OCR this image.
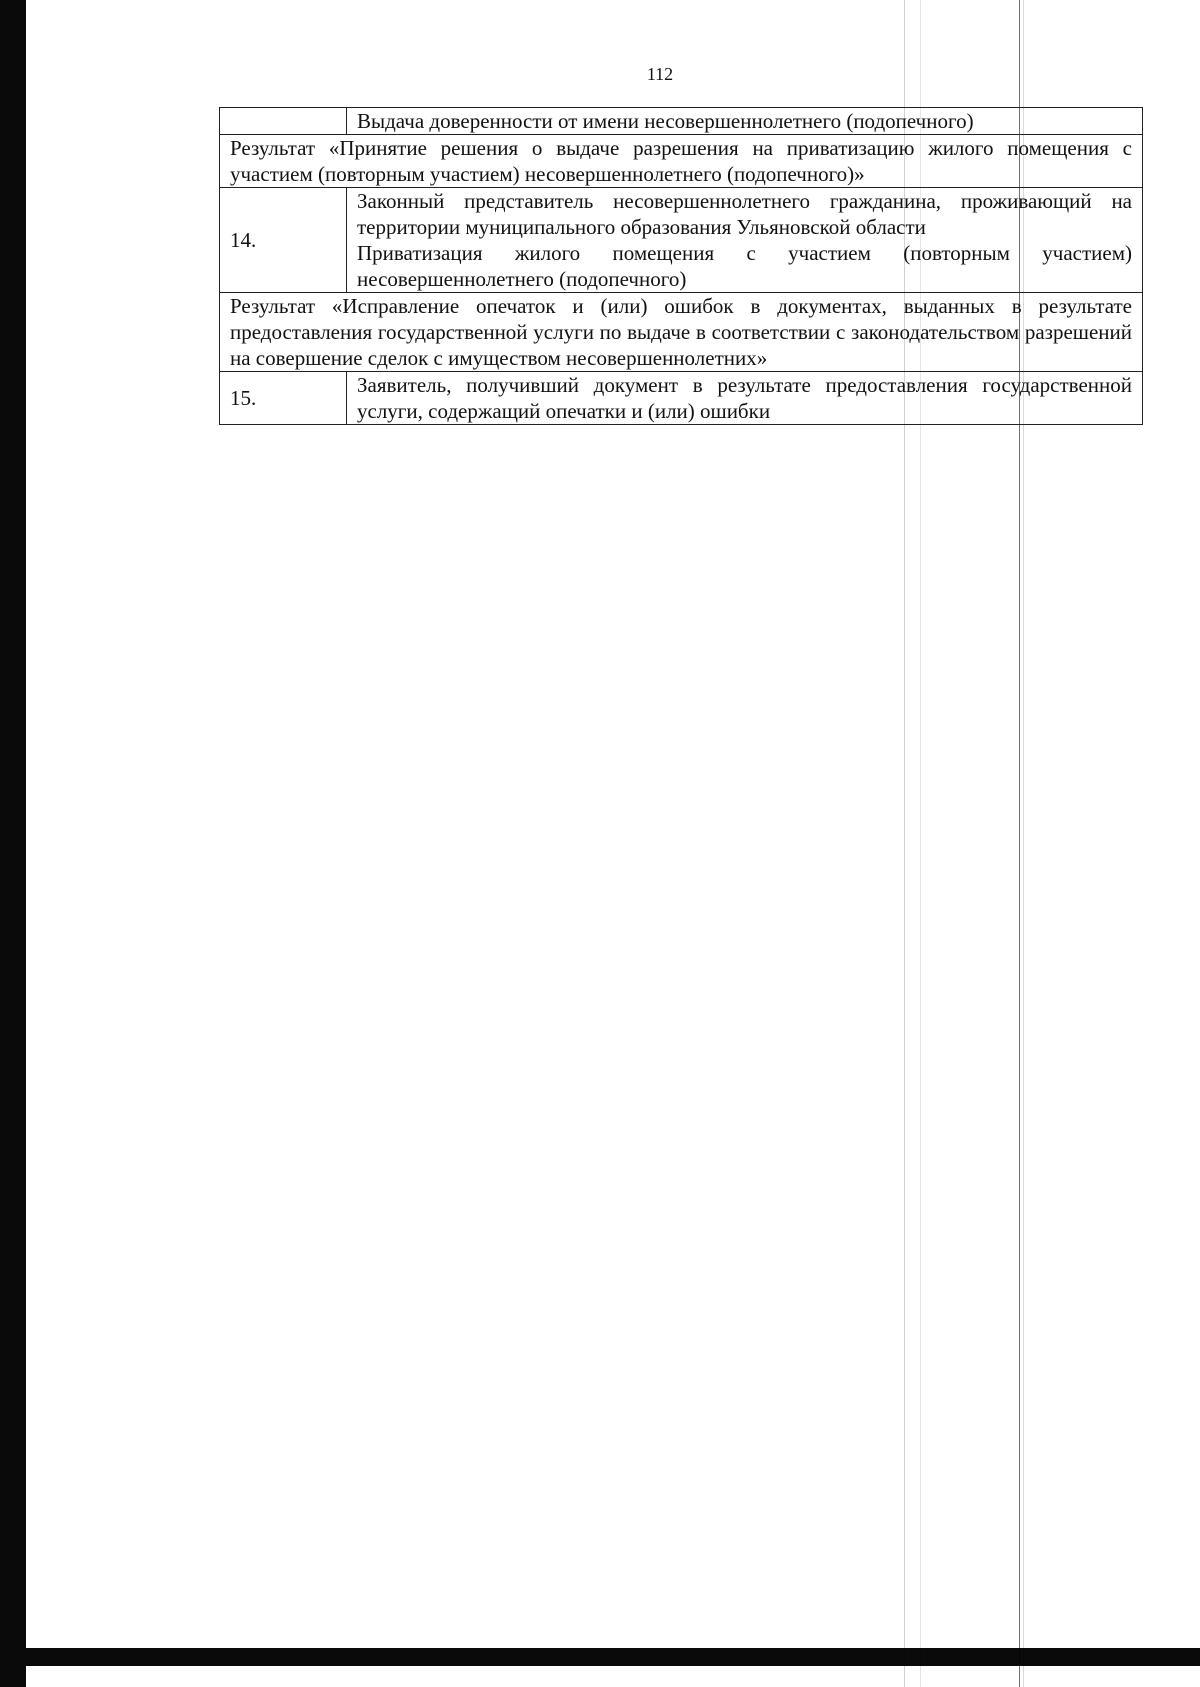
112
	Выдача доверенности от имени несовершеннолетнего (подопечного)
Результат «Принятие решения о выдаче разрешения на приватизацию жилого помещения с участием (повторным участием) несовершеннолетнего (подопечного)»	
14.	Законный представитель несовершеннолетнего гражданина, проживающий на территории муниципального образования Ульяновской области
Приватизация жилого помещения с участием (повторным участием) несовершеннолетнего (подопечного)

Результат «Исправление опечаток и (или) ошибок в документах, выданных в результате предоставления государственной услуги по выдаче в соответствии с законодательством разрешений на совершение сделок с имуществом несовершеннолетних»	
15.	Заявитель, получивший документ в результате предоставления государственной услуги, содержащий опечатки и (или) ошибки
